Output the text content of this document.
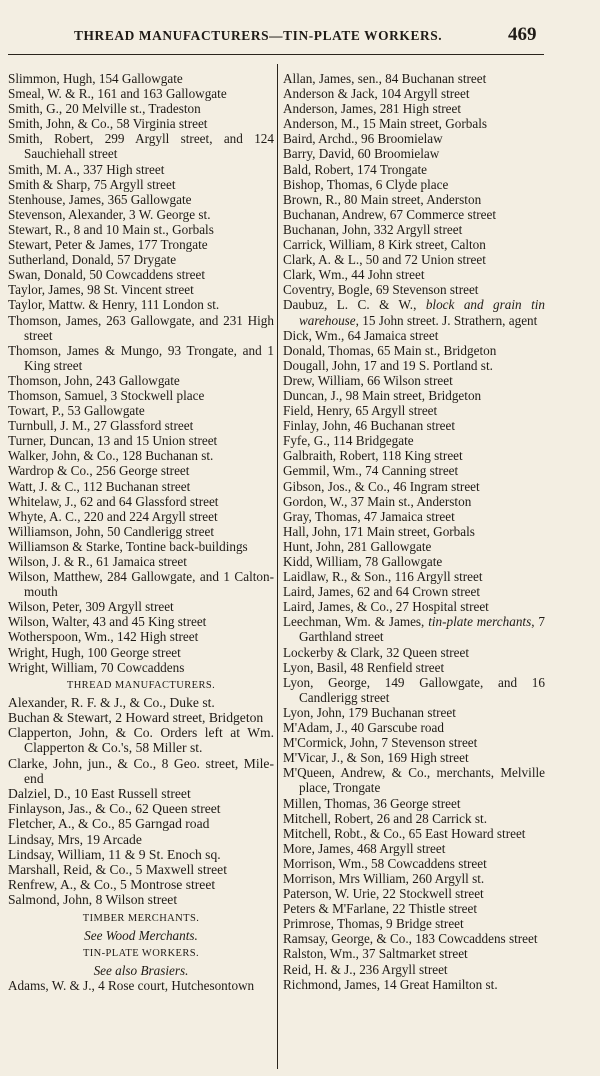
THREAD MANUFACTURERS—TIN-PLATE WORKERS.	469
Slimmon, Hugh, 154 Gallowgate
Smeal, W. & R., 161 and 163 Gallowgate
Smith, G., 20 Melville st., Tradeston
Smith, John, & Co., 58 Virginia street
Smith, Robert, 299 Argyll street, and 124 Sauchiehall street
Smith, M. A., 337 High street
Smith & Sharp, 75 Argyll street
Stenhouse, James, 365 Gallowgate
Stevenson, Alexander, 3 W. George st.
Stewart, R., 8 and 10 Main st., Gorbals
Stewart, Peter & James, 177 Trongate
Sutherland, Donald, 57 Drygate
Swan, Donald, 50 Cowcaddens street
Taylor, James, 98 St. Vincent street
Taylor, Mattw. & Henry, 111 London st.
Thomson, James, 263 Gallowgate, and 231 High street
Thomson, James & Mungo, 93 Trongate, and 1 King street
Thomson, John, 243 Gallowgate
Thomson, Samuel, 3 Stockwell place
Towart, P., 53 Gallowgate
Turnbull, J. M., 27 Glassford street
Turner, Duncan, 13 and 15 Union street
Walker, John, & Co., 128 Buchanan st.
Wardrop & Co., 256 George street
Watt, J. & C., 112 Buchanan street
Whitelaw, J., 62 and 64 Glassford street
Whyte, A. C., 220 and 224 Argyll street
Williamson, John, 50 Candlerigg street
Williamson & Starke, Tontine back-buildings
Wilson, J. & R., 61 Jamaica street
Wilson, Matthew, 284 Gallowgate, and 1 Calton-mouth
Wilson, Peter, 309 Argyll street
Wilson, Walter, 43 and 45 King street
Wotherspoon, Wm., 142 High street
Wright, Hugh, 100 George street
Wright, William, 70 Cowcaddens
THREAD MANUFACTURERS.
Alexander, R. F. & J., & Co., Duke st.
Buchan & Stewart, 2 Howard street, Bridgeton
Clapperton, John, & Co. Orders left at Wm. Clapperton & Co.'s, 58 Miller st.
Clarke, John, jun., & Co., 8 Geo. street, Mile-end
Dalziel, D., 10 East Russell street
Finlayson, Jas., & Co., 62 Queen street
Fletcher, A., & Co., 85 Garngad road
Lindsay, Mrs, 19 Arcade
Lindsay, William, 11 & 9 St. Enoch sq.
Marshall, Reid, & Co., 5 Maxwell street
Renfrew, A., & Co., 5 Montrose street
Salmond, John, 8 Wilson street
TIMBER MERCHANTS.
See Wood Merchants.
TIN-PLATE WORKERS.
See also Brasiers.
Adams, W. & J., 4 Rose court, Hutchesontown
Allan, James, sen., 84 Buchanan street
Anderson & Jack, 104 Argyll street
Anderson, James, 281 High street
Anderson, M., 15 Main street, Gorbals
Baird, Archd., 96 Broomielaw
Barry, David, 60 Broomielaw
Bald, Robert, 174 Trongate
Bishop, Thomas, 6 Clyde place
Brown, R., 80 Main street, Anderston
Buchanan, Andrew, 67 Commerce street
Buchanan, John, 332 Argyll street
Carrick, William, 8 Kirk street, Calton
Clark, A. & L., 50 and 72 Union street
Clark, Wm., 44 John street
Coventry, Bogle, 69 Stevenson street
Daubuz, L. C. & W., block and grain tin warehouse, 15 John street. J. Strathern, agent
Dick, Wm., 64 Jamaica street
Donald, Thomas, 65 Main st., Bridgeton
Dougall, John, 17 and 19 S. Portland st.
Drew, William, 66 Wilson street
Duncan, J., 98 Main street, Bridgeton
Field, Henry, 65 Argyll street
Finlay, John, 46 Buchanan street
Fyfe, G., 114 Bridgegate
Galbraith, Robert, 118 King street
Gemmil, Wm., 74 Canning street
Gibson, Jos., & Co., 46 Ingram street
Gordon, W., 37 Main st., Anderston
Gray, Thomas, 47 Jamaica street
Hall, John, 171 Main street, Gorbals
Hunt, John, 281 Gallowgate
Kidd, William, 78 Gallowgate
Laidlaw, R., & Son., 116 Argyll street
Laird, James, 62 and 64 Crown street
Laird, James, & Co., 27 Hospital street
Leechman, Wm. & James, tin-plate merchants, 7 Garthland street
Lockerby & Clark, 32 Queen street
Lyon, Basil, 48 Renfield street
Lyon, George, 149 Gallowgate, and 16 Candlerigg street
Lyon, John, 179 Buchanan street
M'Adam, J., 40 Garscube road
M'Cormick, John, 7 Stevenson street
M'Vicar, J., & Son, 169 High street
M'Queen, Andrew, & Co., merchants, Melville place, Trongate
Millen, Thomas, 36 George street
Mitchell, Robert, 26 and 28 Carrick st.
Mitchell, Robt., & Co., 65 East Howard street
More, James, 468 Argyll street
Morrison, Wm., 58 Cowcaddens street
Morrison, Mrs William, 260 Argyll st.
Paterson, W. Urie, 22 Stockwell street
Peters & M'Farlane, 22 Thistle street
Primrose, Thomas, 9 Bridge street
Ramsay, George, & Co., 183 Cowcaddens street
Ralston, Wm., 37 Saltmarket street
Reid, H. & J., 236 Argyll street
Richmond, James, 14 Great Hamilton st.
